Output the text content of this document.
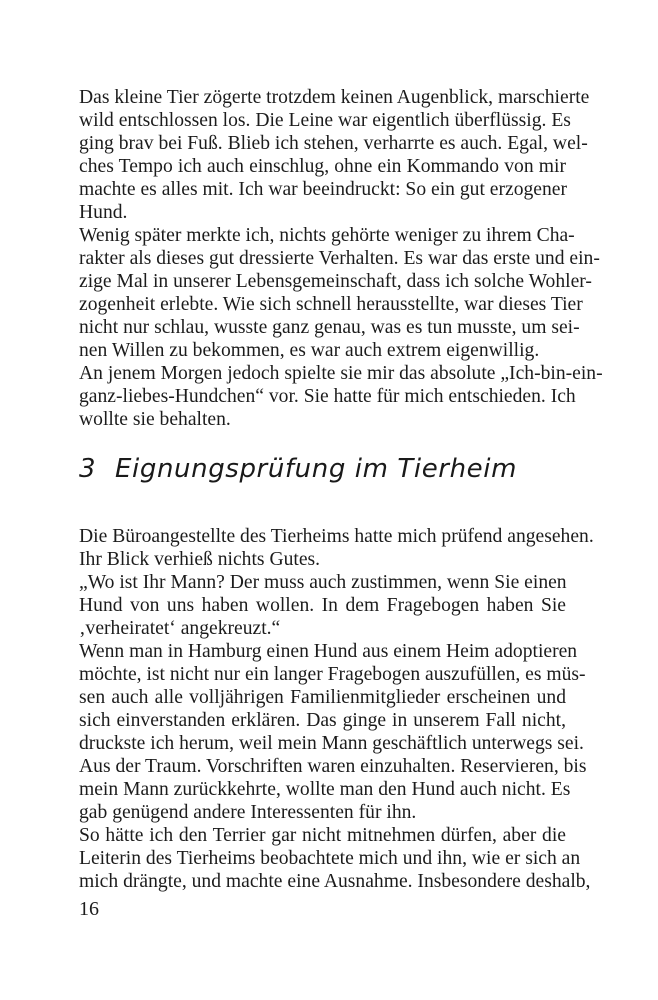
Das kleine Tier zögerte trotzdem keinen Augenblick, marschierte
wild entschlossen los. Die Leine war eigentlich überflüssig. Es
ging brav bei Fuß. Blieb ich stehen, verharrte es auch. Egal, wel-
ches Tempo ich auch einschlug, ohne ein Kommando von mir
machte es alles mit. Ich war beeindruckt: So ein gut erzogener
Hund.
Wenig später merkte ich, nichts gehörte weniger zu ihrem Cha-
rakter als dieses gut dressierte Verhalten. Es war das erste und ein-
zige Mal in unserer Lebensgemeinschaft, dass ich solche Wohler-
zogenheit erlebte. Wie sich schnell herausstellte, war dieses Tier
nicht nur schlau, wusste ganz genau, was es tun musste, um sei-
nen Willen zu bekommen, es war auch extrem eigenwillig.
An jenem Morgen jedoch spielte sie mir das absolute „Ich-bin-ein-
ganz-liebes-Hundchen“ vor. Sie hatte für mich entschieden. Ich
wollte sie behalten.
3 Eignungsprüfung im Tierheim
Die Büroangestellte des Tierheims hatte mich prüfend angesehen.
Ihr Blick verhieß nichts Gutes.
„Wo ist Ihr Mann? Der muss auch zustimmen, wenn Sie einen
Hund von uns haben wollen. In dem Fragebogen haben Sie
‚verheiratet‘ angekreuzt.“
Wenn man in Hamburg einen Hund aus einem Heim adoptieren
möchte, ist nicht nur ein langer Fragebogen auszufüllen, es müs-
sen auch alle volljährigen Familienmitglieder erscheinen und
sich einverstanden erklären. Das ginge in unserem Fall nicht,
druckste ich herum, weil mein Mann geschäftlich unterwegs sei.
Aus der Traum. Vorschriften waren einzuhalten. Reservieren, bis
mein Mann zurückkehrte, wollte man den Hund auch nicht. Es
gab genügend andere Interessenten für ihn.
So hätte ich den Terrier gar nicht mitnehmen dürfen, aber die
Leiterin des Tierheims beobachtete mich und ihn, wie er sich an
mich drängte, und machte eine Ausnahme. Insbesondere deshalb,
16
